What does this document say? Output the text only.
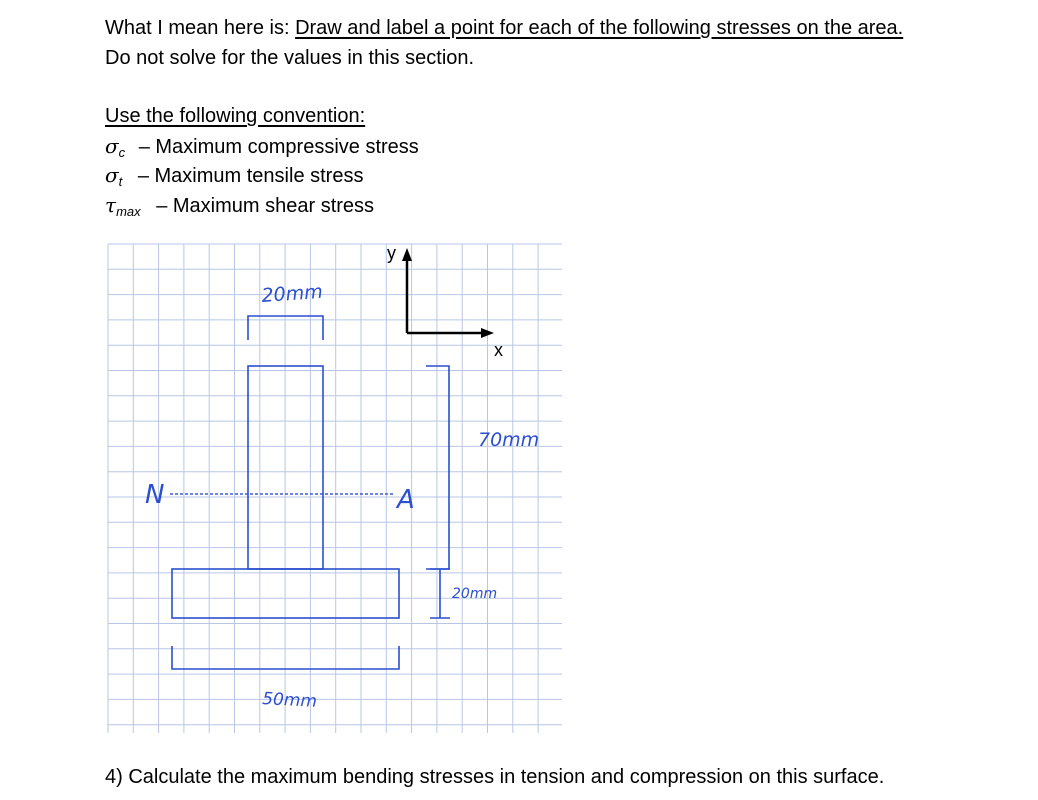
What I mean here is: Draw and label a point for each of the following stresses on the area.
Do not solve for the values in this section.
Use the following convention:
$\sigma_c$ – Maximum compressive stress
$\sigma_t$ – Maximum tensile stress
$\tau_{max}$ – Maximum shear stress
y
x
20mm
70mm
20mm
50mm
N	A
4) Calculate the maximum bending stresses in tension and compression on this surface.
